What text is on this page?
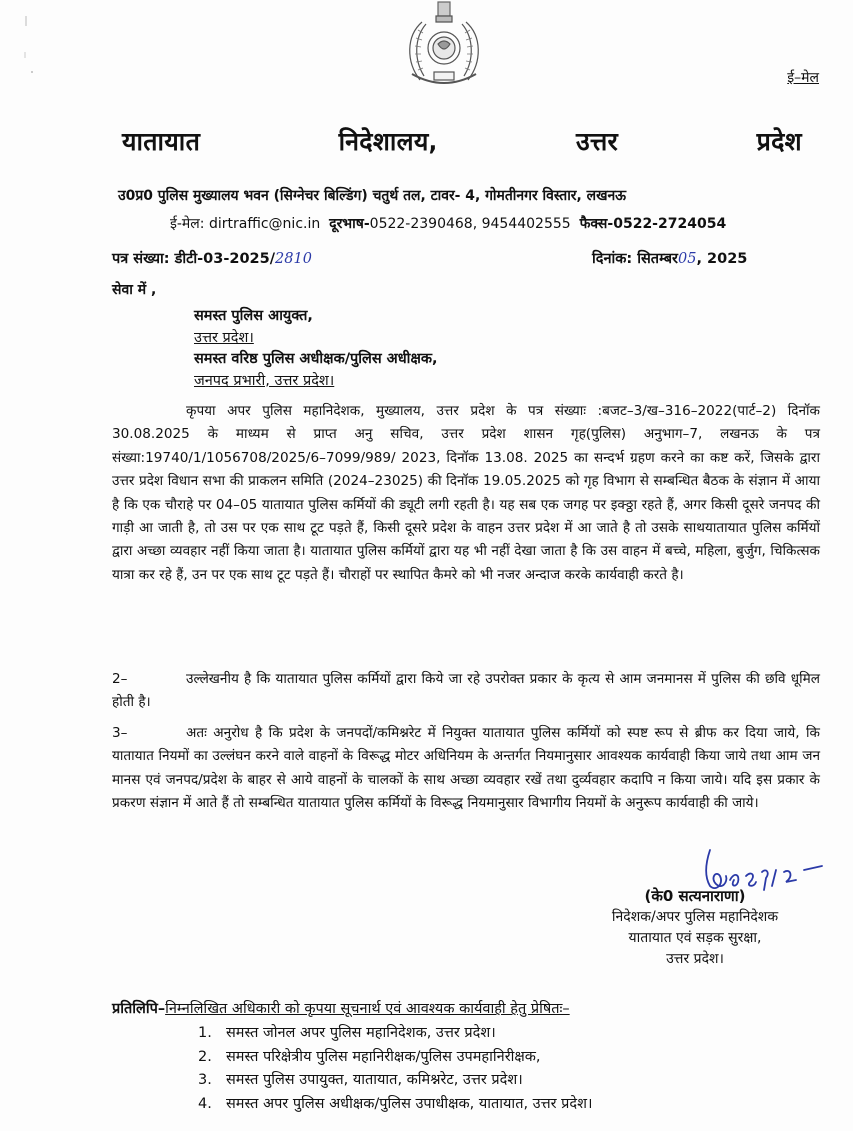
ई–मेल
यातायात	निदेशालय,	उत्तर	प्रदेश
उ0प्र0 पुलिस मुख्यालय भवन (सिग्नेचर बिल्डिंग) चतुर्थ तल, टावर- 4, गोमतीनगर विस्तार, लखनऊ
ई-मेल: dirtraffic@nic.in दूरभाष-0522-2390468, 9454402555 फैक्स-0522-2724054
पत्र संख्या: डीटी-03-2025/2810	दिनांक: सितम्बर05, 2025
सेवा में ,
समस्त पुलिस आयुक्त,
उत्तर प्रदेश।
समस्त वरिष्ठ पुलिस अधीक्षक/पुलिस अधीक्षक,
जनपद प्रभारी, उत्तर प्रदेश।
कृपया अपर पुलिस महानिदेशक, मुख्यालय, उत्तर प्रदेश के पत्र संख्याः :बजट–3/ख–316–2022(पार्ट–2) दिनॉक 30.08.2025 के माध्यम से प्राप्त अनु सचिव, उत्तर प्रदेश शासन गृह(पुलिस) अनुभाग–7, लखनऊ के पत्र संख्या:19740/1/1056708/2025/6–7099/989/ 2023, दिनॉक 13.08. 2025 का सन्दर्भ ग्रहण करने का कष्ट करें, जिसके द्वारा उत्तर प्रदेश विधान सभा की प्राकलन समिति (2024–23025) की दिनॉक 19.05.2025 को गृह विभाग से सम्बन्धित बैठक के संज्ञान में आया है कि एक चौराहे पर 04–05 यातायात पुलिस कर्मियों की ड्यूटी लगी रहती है। यह सब एक जगह पर इक्ठ्ठा रहते हैं, अगर किसी दूसरे जनपद की गाड़ी आ जाती है, तो उस पर एक साथ टूट पड़ते हैं, किसी दूसरे प्रदेश के वाहन उत्तर प्रदेश में आ जाते है तो उसके साथयातायात पुलिस कर्मियों द्वारा अच्छा व्यवहार नहीं किया जाता है। यातायात पुलिस कर्मियों द्वारा यह भी नहीं देखा जाता है कि उस वाहन में बच्चे, महिला, बुर्जुग, चिकित्सक यात्रा कर रहे हैं, उन पर एक साथ टूट पड़ते हैं। चौराहों पर स्थापित कैमरे को भी नजर अन्दाज करके कार्यवाही करते है।
2–	उल्लेखनीय है कि यातायात पुलिस कर्मियों द्वारा किये जा रहे उपरोक्त प्रकार के कृत्य से आम जनमानस में पुलिस की छवि धूमिल होती है।
3–	अतः अनुरोध है कि प्रदेश के जनपदों/कमिश्नरेट में नियुक्त यातायात पुलिस कर्मियों को स्पष्ट रूप से ब्रीफ कर दिया जाये, कि यातायात नियमों का उल्लंघन करने वाले वाहनों के विरूद्ध मोटर अधिनियम के अन्तर्गत नियमानुसार आवश्यक कार्यवाही किया जाये तथा आम जन मानस एवं जनपद/प्रदेश के बाहर से आये वाहनों के चालकों के साथ अच्छा व्यवहार रखें तथा दुर्व्यवहार कदापि न किया जाये। यदि इस प्रकार के प्रकरण संज्ञान में आते हैं तो सम्बन्धित यातायात पुलिस कर्मियों के विरूद्ध नियमानुसार विभागीय नियमों के अनुरूप कार्यवाही की जाये।
(के0 सत्यनाराणा)
निदेशक/अपर पुलिस महानिदेशक
यातायात एवं सड़क सुरक्षा,
उत्तर प्रदेश।
प्रतिलिपि–निम्नलिखित अधिकारी को कृपया सूचनार्थ एवं आवश्यक कार्यवाही हेतु प्रेषितः–
1. समस्त जोनल अपर पुलिस महानिदेशक, उत्तर प्रदेश।
2. समस्त परिक्षेत्रीय पुलिस महानिरीक्षक/पुलिस उपमहानिरीक्षक,
3. समस्त पुलिस उपायुक्त, यातायात, कमिश्नरेट, उत्तर प्रदेश।
4. समस्त अपर पुलिस अधीक्षक/पुलिस उपाधीक्षक, यातायात, उत्तर प्रदेश।
